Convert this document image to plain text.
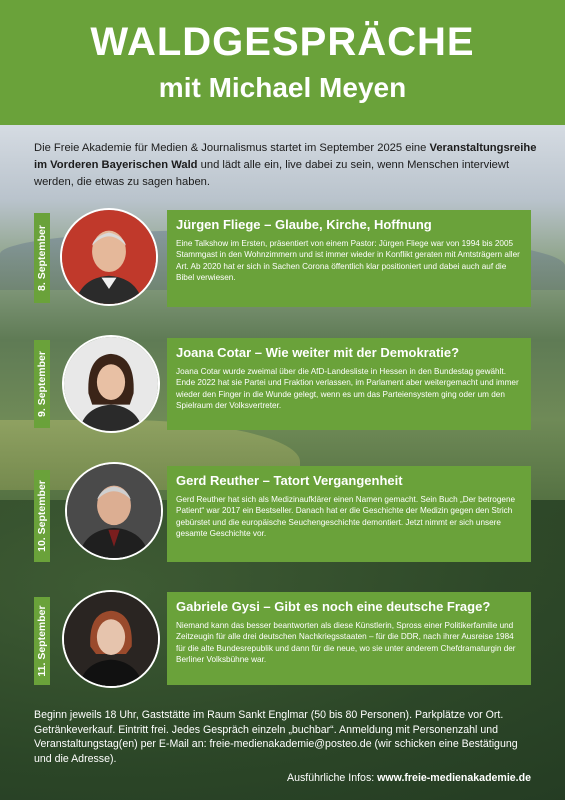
WALDGESPRÄCHE
mit Michael Meyen
Die Freie Akademie für Medien & Journalismus startet im September 2025 eine Veranstaltungsreihe im Vorderen Bayerischen Wald und lädt alle ein, live dabei zu sein, wenn Menschen interviewt werden, die etwas zu sagen haben.
8. September
Jürgen Fliege – Glaube, Kirche, Hoffnung

Eine Talkshow im Ersten, präsentiert von einem Pastor: Jürgen Fliege war von 1994 bis 2005 Stammgast in den Wohnzimmern und ist immer wieder in Konflikt geraten mit Amtsträgern aller Art. Ab 2020 hat er sich in Sachen Corona öffentlich klar positioniert und dabei auch auf die Bibel verwiesen.

9. September	Joana Cotar – Wie weiter mit der Demokratie?

Joana Cotar wurde zweimal über die AfD-Landesliste in Hessen in den Bundestag gewählt. Ende 2022 hat sie Partei und Fraktion verlassen, im Parlament aber weitergemacht und immer wieder den Finger in die Wunde gelegt, wenn es um das Parteiensystem ging oder um den Spielraum der Volksvertreter.

10. September	Gerd Reuther – Tatort Vergangenheit

Gerd Reuther hat sich als Medizinaufklärer einen Namen gemacht. Sein Buch „Der betrogene Patient“ war 2017 ein Bestseller. Danach hat er die Geschichte der Medizin gegen den Strich gebürstet und die europäische Seuchengeschichte demontiert. Jetzt nimmt er sich unsere gesamte Geschichte vor.

11. September	Gabriele Gysi – Gibt es noch eine deutsche Frage?

Niemand kann das besser beantworten als diese Künstlerin, Spross einer Politikerfamilie und Zeitzeugin für alle drei deutschen Nachkriegsstaaten – für die DDR, nach ihrer Ausreise 1984 für die alte Bundesrepublik und dann für die neue, wo sie unter anderem Chefdramaturgin der Berliner Volksbühne war.

Beginn jeweils 18 Uhr, Gaststätte im Raum Sankt Englmar (50 bis 80 Personen). Parkplätze vor Ort. Getränkeverkauf. Eintritt frei. Jedes Gespräch einzeln „buchbar“. Anmeldung mit Personenzahl und Veranstaltungstag(en) per E-Mail an: freie-medienakademie@posteo.de (wir schicken eine Bestätigung und die Adresse).
Ausführliche Infos: www.freie-medienakademie.de
